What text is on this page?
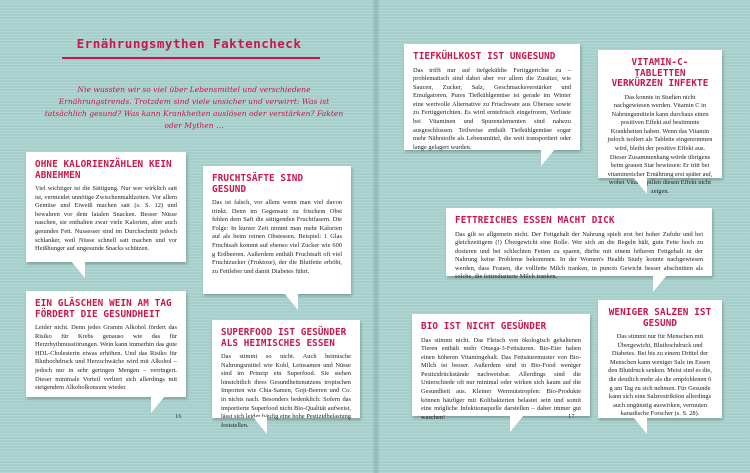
Ernährungsmythen Faktencheck
Nie wussten wir so viel über Lebensmittel und verschiedene Ernährungstrends. Trotzdem sind viele unsicher und verwirrt: Was ist tatsächlich gesund? Was kann Krankheiten auslösen oder verstärken? Fakten oder Mythen …
OHNE KALORIENZÄHLEN KEIN ABNEHMEN

Viel wichtiger ist die Sättigung. Nur wer wirklich satt ist, vermeidet unnötige Zwischenmahlzeiten. Vor allem Gemüse und Eiweiß machen satt (s. S. 12) und bewahren vor dem fatalen Snacken. Besser Nüsse naschen, sie enthalten zwar viele Kalorien, aber auch gesundes Fett. Nussesser sind im Durchschnitt jedoch schlanker, weil Nüsse schnell satt machen und vor Heißhunger auf ungesunde Snacks schützen.

FRUCHTSÄFTE SIND GESUND

Das ist falsch, vor allem wenn man viel davon trinkt. Denn im Gegensatz zu frischem Obst fehlen dem Saft die sättigenden Fruchtfasern. Die Folge: In kurzer Zeit nimmt man mehr Kalorien auf als beim reinen Obstessen. Beispiel: 1 Glas Fruchtsaft kommt auf ebenso viel Zucker wie 600 g Erdbeeren. Außerdem enthält Fruchtsaft oft viel Fruchtzucker (Fruktose), der die Blutfette erhöht, zu Fettleber und damit Diabetes führt.

EIN GLÄSCHEN WEIN AM TAG FÖRDERT DIE GESUNDHEIT

Leider nicht. Denn jedes Gramm Alkohol fördert das Risiko für Krebs genauso wie das für Herzrhythmusstörungen. Wein kann immerhin das gute HDL-Cholesterin etwas erhöhen. Und das Risiko für Bluthochdruck und Herzschwäche wird mit Alkohol – jedoch nur in sehr geringen Mengen – verringert. Dieser minimale Vorteil verliert sich allerdings mit steigendem Alkoholkonsum wieder.

SUPERFOOD IST GESÜNDER ALS HEIMISCHES ESSEN

Das stimmt so nicht. Auch heimische Nahrungsmittel wie Kohl, Leinsamen und Nüsse sind im Prinzip ein Superfood. Sie stehen hinsichtlich ihres Gesundheitsnutzens tropischen Importen wie Chia-Samen, Goji-Beeren und Co. in nichts nach. Besonders bedenklich: Sofern das importierte Superfood nicht Bio-Qualität aufweist, lässt sich leider häufig eine hohe Pestizidbelastung feststellen.

TIEFKÜHLKOST IST UNGESUND

Das trifft nur auf tiefgekühlte Fertiggerichte zu – problematisch sind dabei aber vor allem die Zusätze, wie Saucen, Zucker, Salz, Geschmacksverstärker und Emulgatoren. Pures Tiefkühlgemüse ist gerade im Winter eine wertvolle Alternative zu Frischware aus Übersee sowie zu Fertiggerichten. Es wird erntefrisch eingefroren, Verluste bei Vitaminen und Spurenelementen sind nahezu ausgeschlossen. Teilweise enthält Tiefkühlgemüse sogar mehr Nährstoffe als Lebensmittel, die weit transportiert oder lange gelagert wurden.

VITAMIN-C-TABLETTEN VERKÜRZEN INFEKTE

Das konnte in Studien nicht nachgewiesen werden. Vitamin C in Nahrungsmitteln kann durchaus einen positiven Effekt auf bestimmte Krankheiten haben. Wenn das Vitamin jedoch isoliert als Tablette eingenommen wird, bleibt der positive Effekt aus. Dieser Zusammenhang würde übrigens beim grauen Star bewiesen: Er tritt bei vitaminreicher Ernährung erst später auf, wobei Vitaminpillen diesen Effekt nicht zeigen.

FETTREICHES ESSEN MACHT DICK

Das gilt so allgemein nicht. Der Fettgehalt der Nahrung spielt erst bei hoher Zufuhr und bei gleichzeitigem (!) Übergewicht eine Rolle. Wer sich an die Regeln hält, gute Fette hoch zu dosieren und bei schlechten Fetten zu sparen, dürfte mit einem höheren Fettgehalt in der Nahrung keine Probleme bekommen. In der Women's Health Study konnte nachgewiesen werden, dass Frauen, die vollfette Milch tranken, in puncto Gewicht besser abschnitten als solche, die fettreduzierte Milch tranken.

BIO IST NICHT GESÜNDER

Das stimmt nicht. Das Fleisch von ökologisch gehaltenen Tieren enthält mehr Omega-3-Fettsäuren. Bio-Eier haben einen höheren Vitamingehalt. Das Fettsäuremuster von Bio-Milch ist besser. Außerdem sind in Bio-Food weniger Pestizidrückstände nachweisbar. Allerdings sind die Unterschiede oft nur minimal oder wirken sich kaum auf die Gesundheit aus. Kleiner Wermutstropfen: Bio-Produkte können häufiger mit Kolibakterien belastet sein und somit eine mögliche Infektionsquelle darstellen – daher immer gut waschen!

WENIGER SALZEN IST GESUND

Das stimmt nur für Menschen mit Übergewicht, Bluthochdruck und Diabetes. Bei bis zu einem Drittel der Menschen kann weniger Salz im Essen den Blutdruck senken. Meist sind es die, die deutlich mehr als die empfohlenen 6 g am Tag zu sich nehmen. Für Gesunde kann sich eine Salzrestriktion allerdings auch ungünstig auswirken, vermuten kanadische Forscher (s. S. 28).

16	17
